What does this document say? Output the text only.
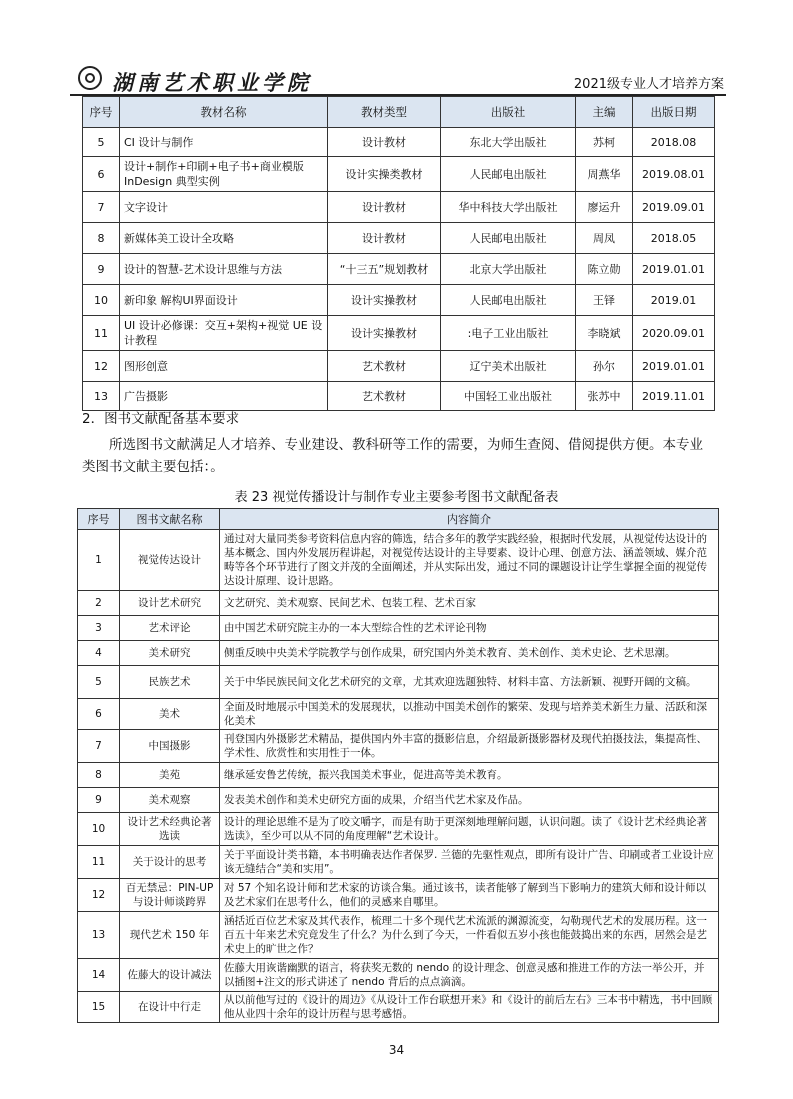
湖南艺术职业学院	2021级专业人才培养方案
序号	教材名称	教材类型	出版社	主编	出版日期
5	CI 设计与制作	设计教材	东北大学出版社	苏柯	2018.08
6	设计+制作+印刷+电子书+商业模版 InDesign 典型实例	设计实操类教材	人民邮电出版社	周燕华	2019.08.01
7	文字设计	设计教材	华中科技大学出版社	廖运升	2019.09.01
8	新媒体美工设计全攻略	设计教材	人民邮电出版社	周凤	2018.05
9	设计的智慧-艺术设计思维与方法	“十三五”规划教材	北京大学出版社	陈立勋	2019.01.01
10	新印象 解构UI界面设计	设计实操教材	人民邮电出版社	王铎	2019.01
11	UI 设计必修课：交互+架构+视觉 UE 设计教程	设计实操教材	:电子工业出版社	李晓斌	2020.09.01
12	图形创意	艺术教材	辽宁美术出版社	孙尔	2019.01.01
13	广告摄影	艺术教材	中国轻工业出版社	张苏中	2019.11.01
2．图书文献配备基本要求
所选图书文献满足人才培养、专业建设、教科研等工作的需要，为师生查阅、借阅提供方便。本专业类图书文献主要包括：。
表 23 视觉传播设计与制作专业主要参考图书文献配备表
序号	图书文献名称	内容简介
1	视觉传达设计	通过对大量同类参考资料信息内容的筛选，结合多年的教学实践经验，根据时代发展，从视觉传达设计的基本概念、国内外发展历程讲起，对视觉传达设计的主导要素、设计心理、创意方法、涵盖领域、媒介范畴等各个环节进行了图文并茂的全面阐述，并从实际出发，通过不同的课题设计让学生掌握全面的视觉传达设计原理、设计思路。
2	设计艺术研究	文艺研究、美术观察、民间艺术、包装工程、艺术百家
3	艺术评论	由中国艺术研究院主办的一本大型综合性的艺术评论刊物
4	美术研究	侧重反映中央美术学院教学与创作成果，研究国内外美术教育、美术创作、美术史论、艺术思潮。
5	民族艺术	关于中华民族民间文化艺术研究的文章，尤其欢迎选题独特、材料丰富、方法新颖、视野开阔的文稿。
6	美术	全面及时地展示中国美术的发展现状，以推动中国美术创作的繁荣、发现与培养美术新生力量、活跃和深化美术
7	中国摄影	刊登国内外摄影艺术精品，提供国内外丰富的摄影信息，介绍最新摄影器材及现代拍摄技法，集提高性、学术性、欣赏性和实用性于一体。
8	美苑	继承延安鲁艺传统，振兴我国美术事业，促进高等美术教育。
9	美术观察	发表美术创作和美术史研究方面的成果，介绍当代艺术家及作品。
10	设计艺术经典论著选读	设计的理论思维不是为了咬文嚼字，而是有助于更深刻地理解问题，认识问题。读了《设计艺术经典论著选读》，至少可以从不同的角度理解“艺术设计。
11	关于设计的思考	关于平面设计类书籍，本书明确表达作者保罗. 兰德的先驱性观点，即所有设计广告、印刷或者工业设计应该无缝结合“美和实用”。
12	百无禁忌：PIN-UP与设计师谈跨界	对 57 个知名设计师和艺术家的访谈合集。通过该书，读者能够了解到当下影响力的建筑大师和设计师以及艺术家们在思考什么，他们的灵感来自哪里。
13	现代艺术 150 年	涵括近百位艺术家及其代表作，梳理二十多个现代艺术流派的渊源流变，勾勒现代艺术的发展历程。这一百五十年来艺术究竟发生了什么？为什么到了今天，一件看似五岁小孩也能鼓捣出来的东西，居然会是艺术史上的旷世之作？
14	佐藤大的设计减法	佐藤大用诙谐幽默的语言，将获奖无数的 nendo 的设计理念、创意灵感和推进工作的方法一举公开，并以插图+注文的形式讲述了 nendo 背后的点点滴滴。
15	在设计中行走	从以前他写过的《设计的周边》《从设计工作台联想开来》和《设计的前后左右》三本书中精选，书中回顾他从业四十余年的设计历程与思考感悟。
34
